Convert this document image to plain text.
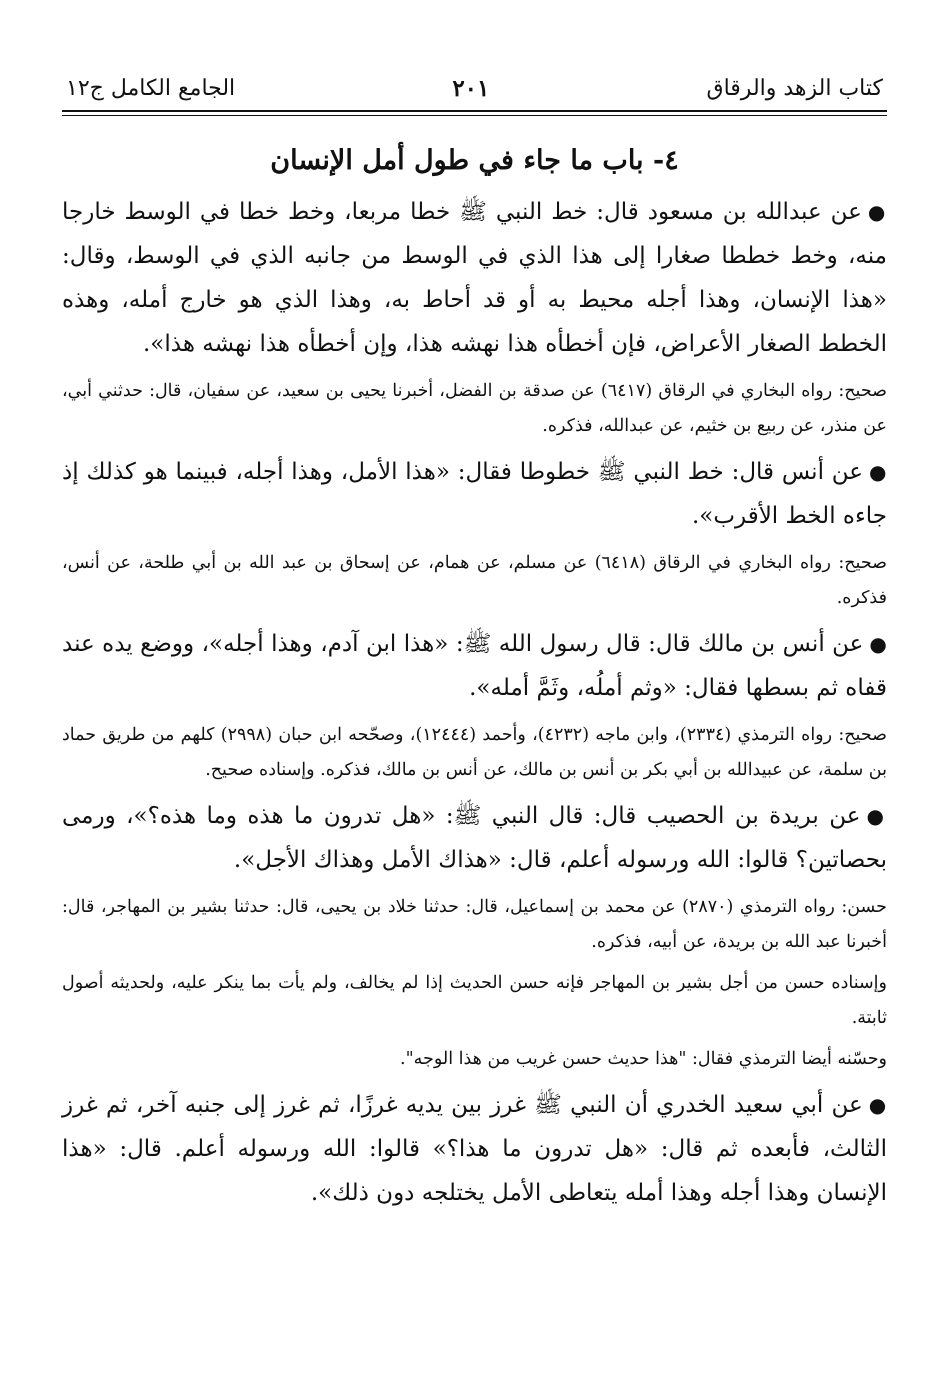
كتاب الزهد والرقاق
٢٠١
الجامع الكامل ج١٢
٤- باب ما جاء في طول أمل الإنسان

●عن عبدالله بن مسعود قال: خط النبي ﷺ خطا مربعا، وخط خطا في الوسط خارجا منه، وخط خططا صغارا إلى هذا الذي في الوسط من جانبه الذي في الوسط، وقال: «هذا الإنسان، وهذا أجله محيط به أو قد أحاط به، وهذا الذي هو خارج أمله، وهذه الخطط الصغار الأعراض، فإن أخطأه هذا نهشه هذا، وإن أخطأه هذا نهشه هذا».

صحيح: رواه البخاري في الرقاق (٦٤١٧) عن صدقة بن الفضل، أخبرنا يحيى بن سعيد، عن سفيان، قال: حدثني أبي، عن منذر، عن ربيع بن خثيم، عن عبدالله، فذكره.

●عن أنس قال: خط النبي ﷺ خطوطا فقال: «هذا الأمل، وهذا أجله، فبينما هو كذلك إذ جاءه الخط الأقرب».

صحيح: رواه البخاري في الرقاق (٦٤١٨) عن مسلم، عن همام، عن إسحاق بن عبد الله بن أبي طلحة، عن أنس، فذكره.

●عن أنس بن مالك قال: قال رسول الله ﷺ: «هذا ابن آدم، وهذا أجله»، ووضع يده عند قفاه ثم بسطها فقال: «وثم أملُه، وثَمَّ أمله».

صحيح: رواه الترمذي (٢٣٣٤)، وابن ماجه (٤٢٣٢)، وأحمد (١٢٤٤٤)، وصحّحه ابن حبان (٢٩٩٨) كلهم من طريق حماد بن سلمة، عن عبيدالله بن أبي بكر بن أنس بن مالك، عن أنس بن مالك، فذكره. وإسناده صحيح.

●عن بريدة بن الحصيب قال: قال النبي ﷺ: «هل تدرون ما هذه وما هذه؟»، ورمى بحصاتين؟ قالوا: الله ورسوله أعلم، قال: «هذاك الأمل وهذاك الأجل».

حسن: رواه الترمذي (٢٨٧٠) عن محمد بن إسماعيل، قال: حدثنا خلاد بن يحيى، قال: حدثنا بشير بن المهاجر، قال: أخبرنا عبد الله بن بريدة، عن أبيه، فذكره.

وإسناده حسن من أجل بشير بن المهاجر فإنه حسن الحديث إذا لم يخالف، ولم يأت بما ينكر عليه، ولحديثه أصول ثابتة.

وحسّنه أيضا الترمذي فقال: "هذا حديث حسن غريب من هذا الوجه".

●عن أبي سعيد الخدري أن النبي ﷺ غرز بين يديه غرزًا، ثم غرز إلى جنبه آخر، ثم غرز الثالث، فأبعده ثم قال: «هل تدرون ما هذا؟» قالوا: الله ورسوله أعلم. قال: «هذا الإنسان وهذا أجله وهذا أمله يتعاطى الأمل يختلجه دون ذلك».
